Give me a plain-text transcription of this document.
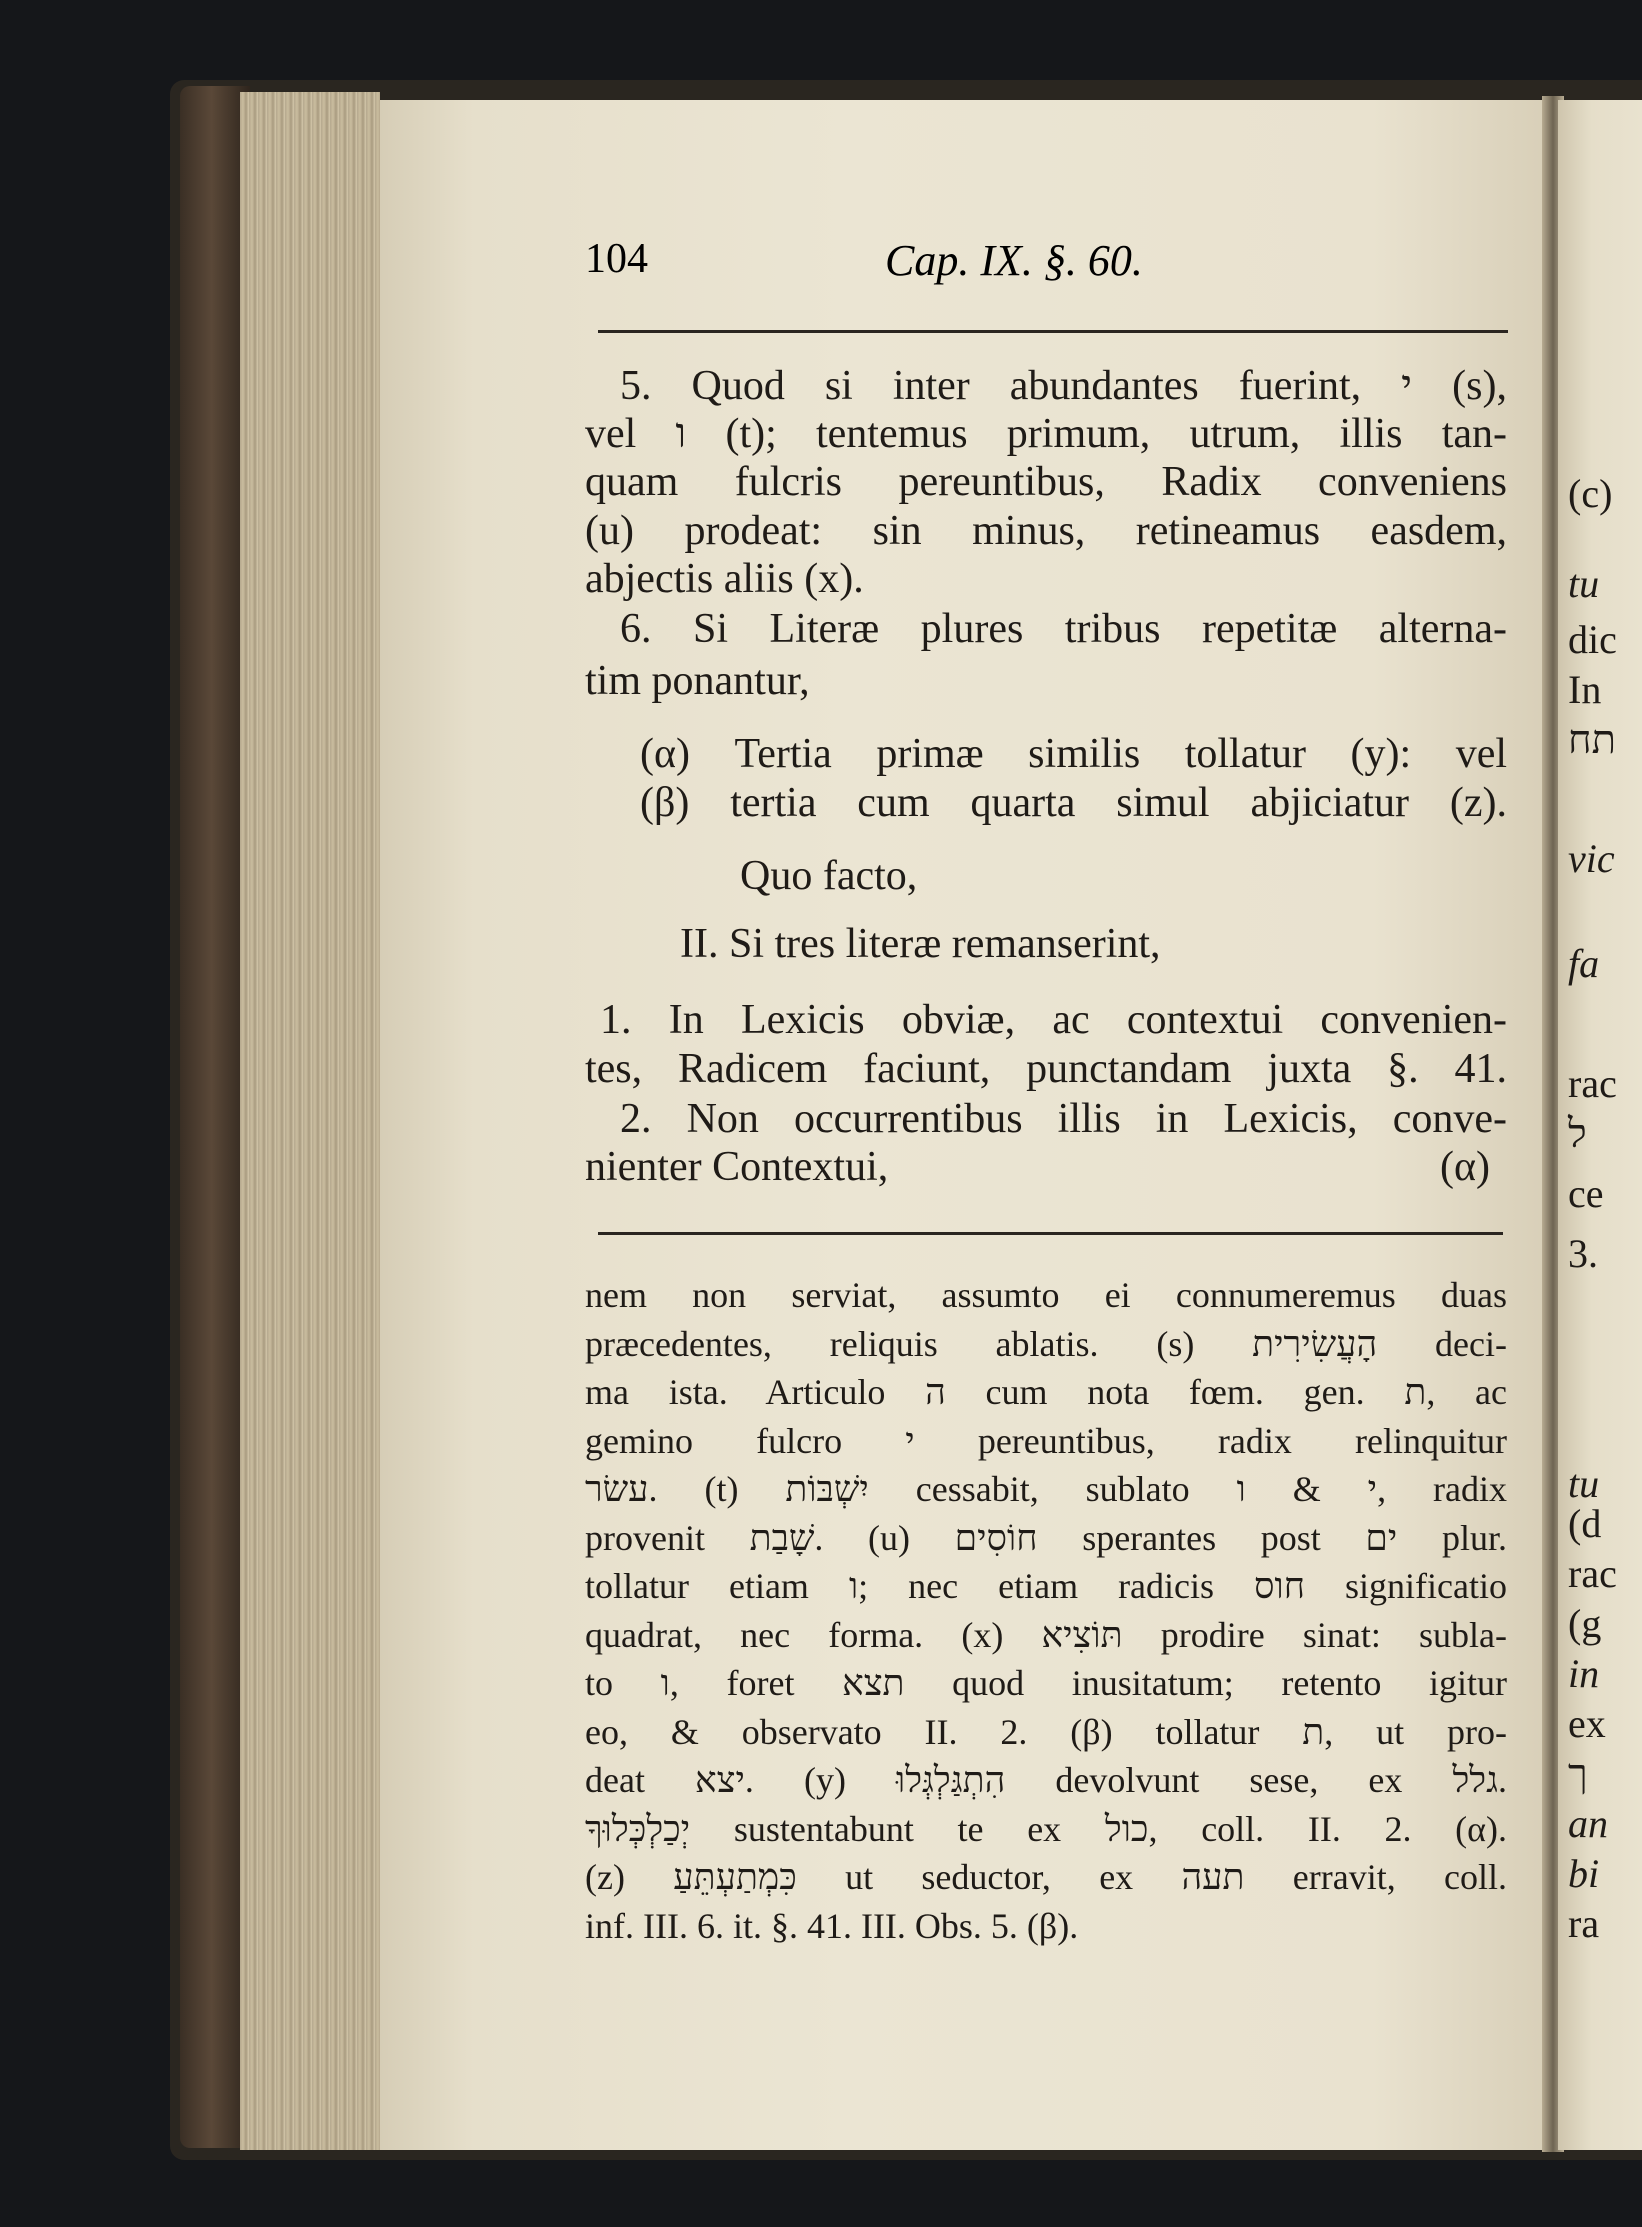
(c)
tu
dic
In
תח
vic
fa
rac
ל
ce
3.
tu
(d
rac
(g
in
ex
ך
an
bi
ra
104	Cap. IX. §. 60.
5. Quod si inter abundantes fuerint, י (s),
vel ו (t); tentemus primum, utrum, illis tan-
quam fulcris pereuntibus, Radix conveniens
(u) prodeat: sin minus, retineamus easdem,
abjectis aliis (x).
6. Si Literæ plures tribus repetitæ alterna-
tim ponantur,
(α) Tertia primæ similis tollatur (y): vel
(β) tertia cum quarta simul abjiciatur (z).
Quo facto,
II. Si tres literæ remanserint,
1. In Lexicis obviæ, ac contextui convenien-
tes, Radicem faciunt, punctandam juxta §. 41.
2. Non occurrentibus illis in Lexicis, conve-
nienter Contextui,	(α)
nem non serviat, assumto ei connumeremus duas
præcedentes, reliquis ablatis. (s) הָעֲשִׂירִית deci-
ma ista. Articulo ה cum nota fœm. gen. ת, ac
gemino fulcro י pereuntibus, radix relinquitur
עשׂר. (t) יִשְׁבּוֹת cessabit, sublato י & ו, radix
provenit שָׁבַת. (u) חוֹסִים sperantes post ים plur.
tollatur etiam ו; nec etiam radicis חוס significatio
quadrat, nec forma. (x) תּוֹצִיא prodire sinat: subla-
to ו, foret תצא quod inusitatum; retento igitur
eo, & observato II. 2. (β) tollatur ת, ut pro-
deat יצא. (y) הִתְגַּלְגְּלוּ devolvunt sese, ex גלל.
יְכַלְכְּלוּךָ sustentabunt te ex כול, coll. II. 2. (α).
(z) כִּמְתַעְתֵּעַ ut seductor, ex תעה erravit, coll.
inf. III. 6. it. §. 41. III. Obs. 5. (β).
